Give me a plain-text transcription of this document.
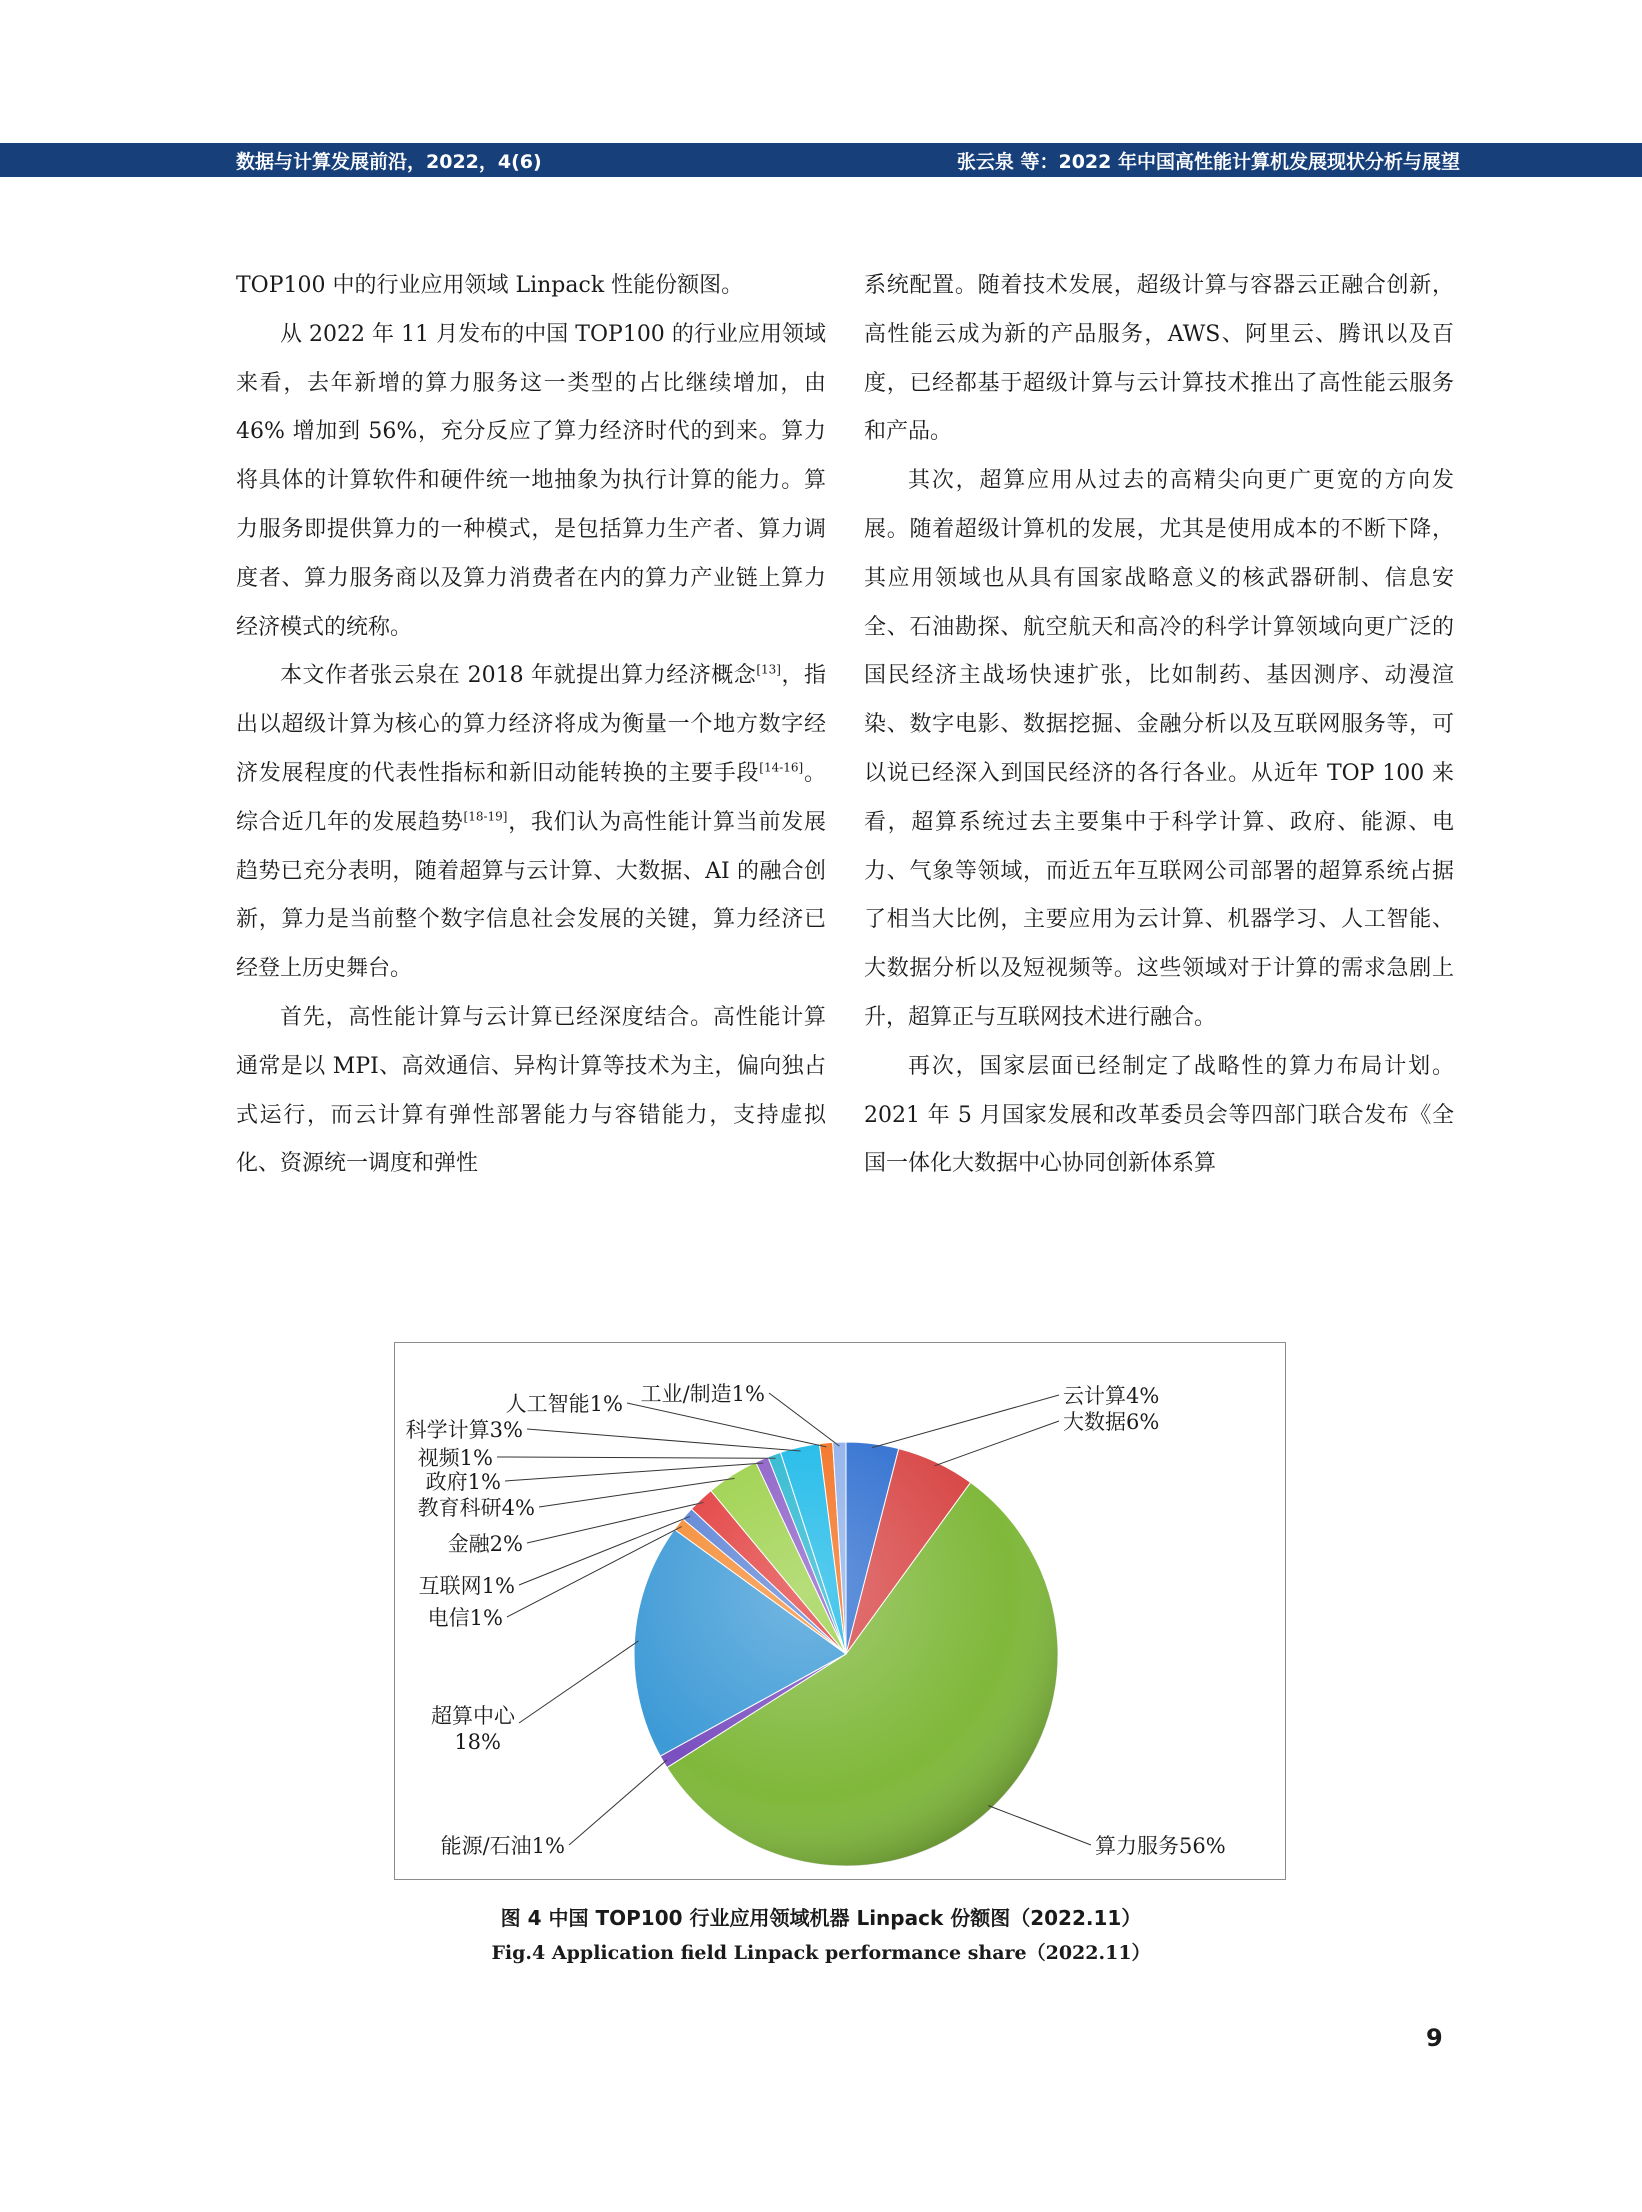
数据与计算发展前沿，2022，4(6)	张云泉 等：2022 年中国高性能计算机发展现状分析与展望

TOP100 中的行业应用领域 Linpack 性能份额图。

从 2022 年 11 月发布的中国 TOP100 的行业应用领域来看，去年新增的算力服务这一类型的占比继续增加，由 46% 增加到 56%，充分反应了算力经济时代的到来。算力将具体的计算软件和硬件统一地抽象为执行计算的能力。算力服务即提供算力的一种模式，是包括算力生产者、算力调度者、算力服务商以及算力消费者在内的算力产业链上算力经济模式的统称。

本文作者张云泉在 2018 年就提出算力经济概念[13]，指出以超级计算为核心的算力经济将成为衡量一个地方数字经济发展程度的代表性指标和新旧动能转换的主要手段[14-16]。综合近几年的发展趋势[18-19]，我们认为高性能计算当前发展趋势已充分表明，随着超算与云计算、大数据、AI 的融合创新，算力是当前整个数字信息社会发展的关键，算力经济已经登上历史舞台。

首先，高性能计算与云计算已经深度结合。高性能计算通常是以 MPI、高效通信、异构计算等技术为主，偏向独占式运行，而云计算有弹性部署能力与容错能力，支持虚拟化、资源统一调度和弹性

系统配置。随着技术发展，超级计算与容器云正融合创新，高性能云成为新的产品服务，AWS、阿里云、腾讯以及百度，已经都基于超级计算与云计算技术推出了高性能云服务和产品。

其次，超算应用从过去的高精尖向更广更宽的方向发展。随着超级计算机的发展，尤其是使用成本的不断下降，其应用领域也从具有国家战略意义的核武器研制、信息安全、石油勘探、航空航天和高冷的科学计算领域向更广泛的国民经济主战场快速扩张，比如制药、基因测序、动漫渲染、数字电影、数据挖掘、金融分析以及互联网服务等，可以说已经深入到国民经济的各行各业。从近年 TOP 100 来看，超算系统过去主要集中于科学计算、政府、能源、电力、气象等领域，而近五年互联网公司部署的超算系统占据了相当大比例，主要应用为云计算、机器学习、人工智能、大数据分析以及短视频等。这些领域对于计算的需求急剧上升，超算正与互联网技术进行融合。

再次，国家层面已经制定了战略性的算力布局计划。2021 年 5 月国家发展和改革委员会等四部门联合发布《全国一体化大数据中心协同创新体系算

云计算4%
大数据6%
算力服务56%
能源/石油1%
超算中心 18%
电信1%
互联网1%
金融2%
教育科研4%
政府1%
视频1%
科学计算3%
人工智能1% 工业/制造1%
图 4 中国 TOP100 行业应用领域机器 Linpack 份额图（2022.11）
Fig.4 Application field Linpack performance share（2022.11）
9
